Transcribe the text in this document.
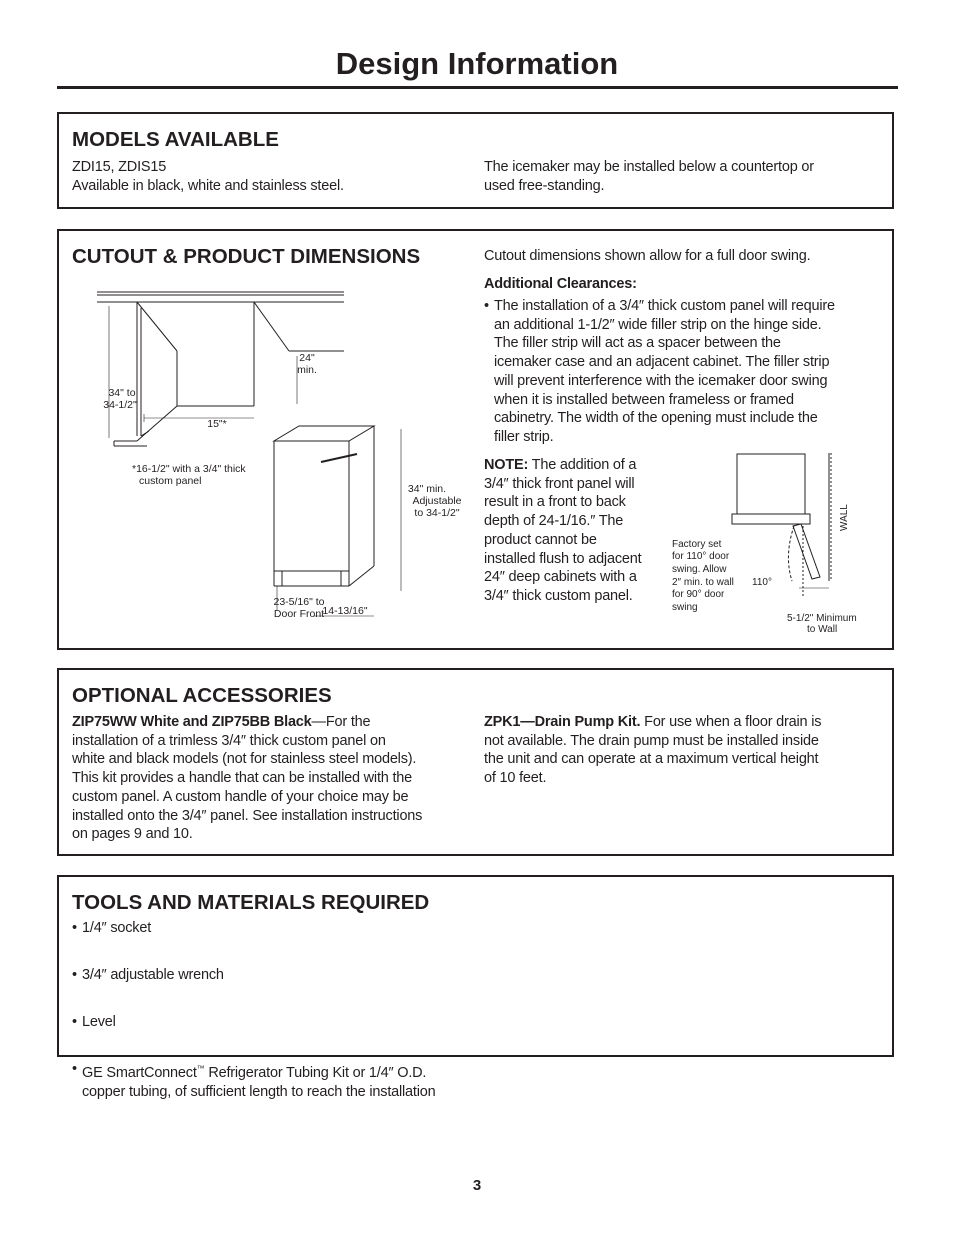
Design Information
MODELS AVAILABLE
ZDI15, ZDIS15
Available in black, white and stainless steel.
The icemaker may be installed below a countertop or
used free-standing.
CUTOUT & PRODUCT DIMENSIONS	Cutout dimensions shown allow for a full door swing.
Additional Clearances:
• The installation of a 3/4″ thick custom panel will require
an additional 1-1/2″ wide filler strip on the hinge side.
The filler strip will act as a spacer between the
icemaker case and an adjacent cabinet. The filler strip
will prevent interference with the icemaker door swing
when it is installed between frameless or framed
cabinetry. The width of the opening must include the
filler strip.
NOTE: The addition of a
3/4″ thick front panel will
result in a front to back
depth of 24-1/16.″ The
product cannot be
installed flush to adjacent
24″ deep cabinets with a
3/4″ thick custom panel.
24"
min.
34" to
34-1/2"
15"*
34" min.
Adjustable
to 34-1/2"
23-5/16" to
Door Front
14-13/16"
*16-1/2" with a 3/4" thick
custom panel
WALL
Factory set
for 110° door
swing. Allow
2″ min. to wall
for 90° door
swing
110°
5-1/2" Minimum
to Wall
OPTIONAL ACCESSORIES
ZIP75WW White and ZIP75BB Black—For the
installation of a trimless 3/4″ thick custom panel on
white and black models (not for stainless steel models).
This kit provides a handle that can be installed with the
custom panel. A custom handle of your choice may be
installed onto the 3/4″ panel. See installation instructions
on pages 9 and 10.
ZPK1—Drain Pump Kit. For use when a floor drain is
not available. The drain pump must be installed inside
the unit and can operate at a maximum vertical height
of 10 feet.
TOOLS AND MATERIALS REQUIRED
• 1/4″ socket
• 3/4″ adjustable wrench
• Level
• GE SmartConnect™ Refrigerator Tubing Kit or 1/4″ O.D.
copper tubing, of sufficient length to reach the installation
3
